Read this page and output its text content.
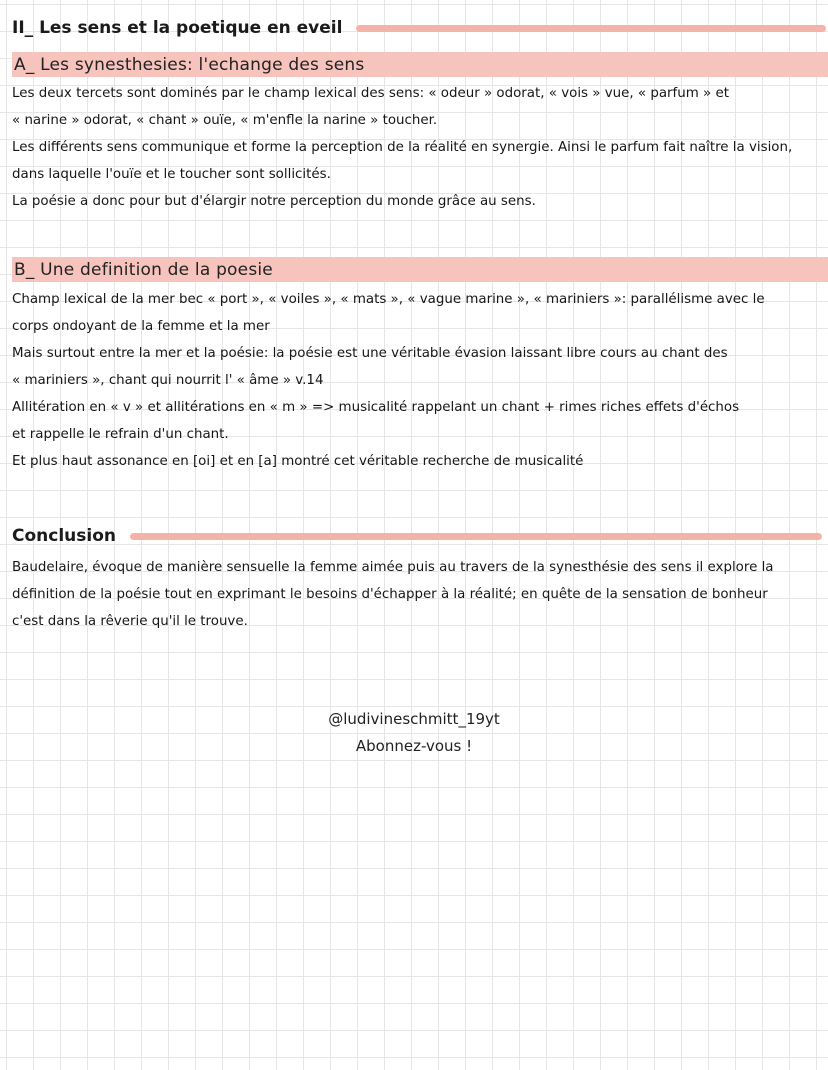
II_ Les sens et la poetique en eveil
A_ Les synesthesies: l'echange des sens
Les deux tercets sont dominés par le champ lexical des sens: « odeur » odorat, « vois » vue, « parfum » et
« narine » odorat, « chant » ouïe, « m'enfle la narine » toucher.
Les différents sens communique et forme la perception de la réalité en synergie. Ainsi le parfum fait naître la vision,
dans laquelle l'ouïe et le toucher sont sollicités.
La poésie a donc pour but d'élargir notre perception du monde grâce au sens.
B_ Une definition de la poesie
Champ lexical de la mer bec « port », « voiles », « mats », « vague marine », « mariniers »: parallélisme avec le
corps ondoyant de la femme et la mer
Mais surtout entre la mer et la poésie: la poésie est une véritable évasion laissant libre cours au chant des
« mariniers », chant qui nourrit l' « âme » v.14
Allitération en « v » et allitérations en « m » => musicalité rappelant un chant + rimes riches effets d'échos
et rappelle le refrain d'un chant.
Et plus haut assonance en [oi] et en [a] montré cet véritable recherche de musicalité
Conclusion
Baudelaire, évoque de manière sensuelle la femme aimée puis au travers de la synesthésie des sens il explore la
définition de la poésie tout en exprimant le besoins d'échapper à la réalité; en quête de la sensation de bonheur
c'est dans la rêverie qu'il le trouve.
@ludivineschmitt_19yt
Abonnez-vous !
